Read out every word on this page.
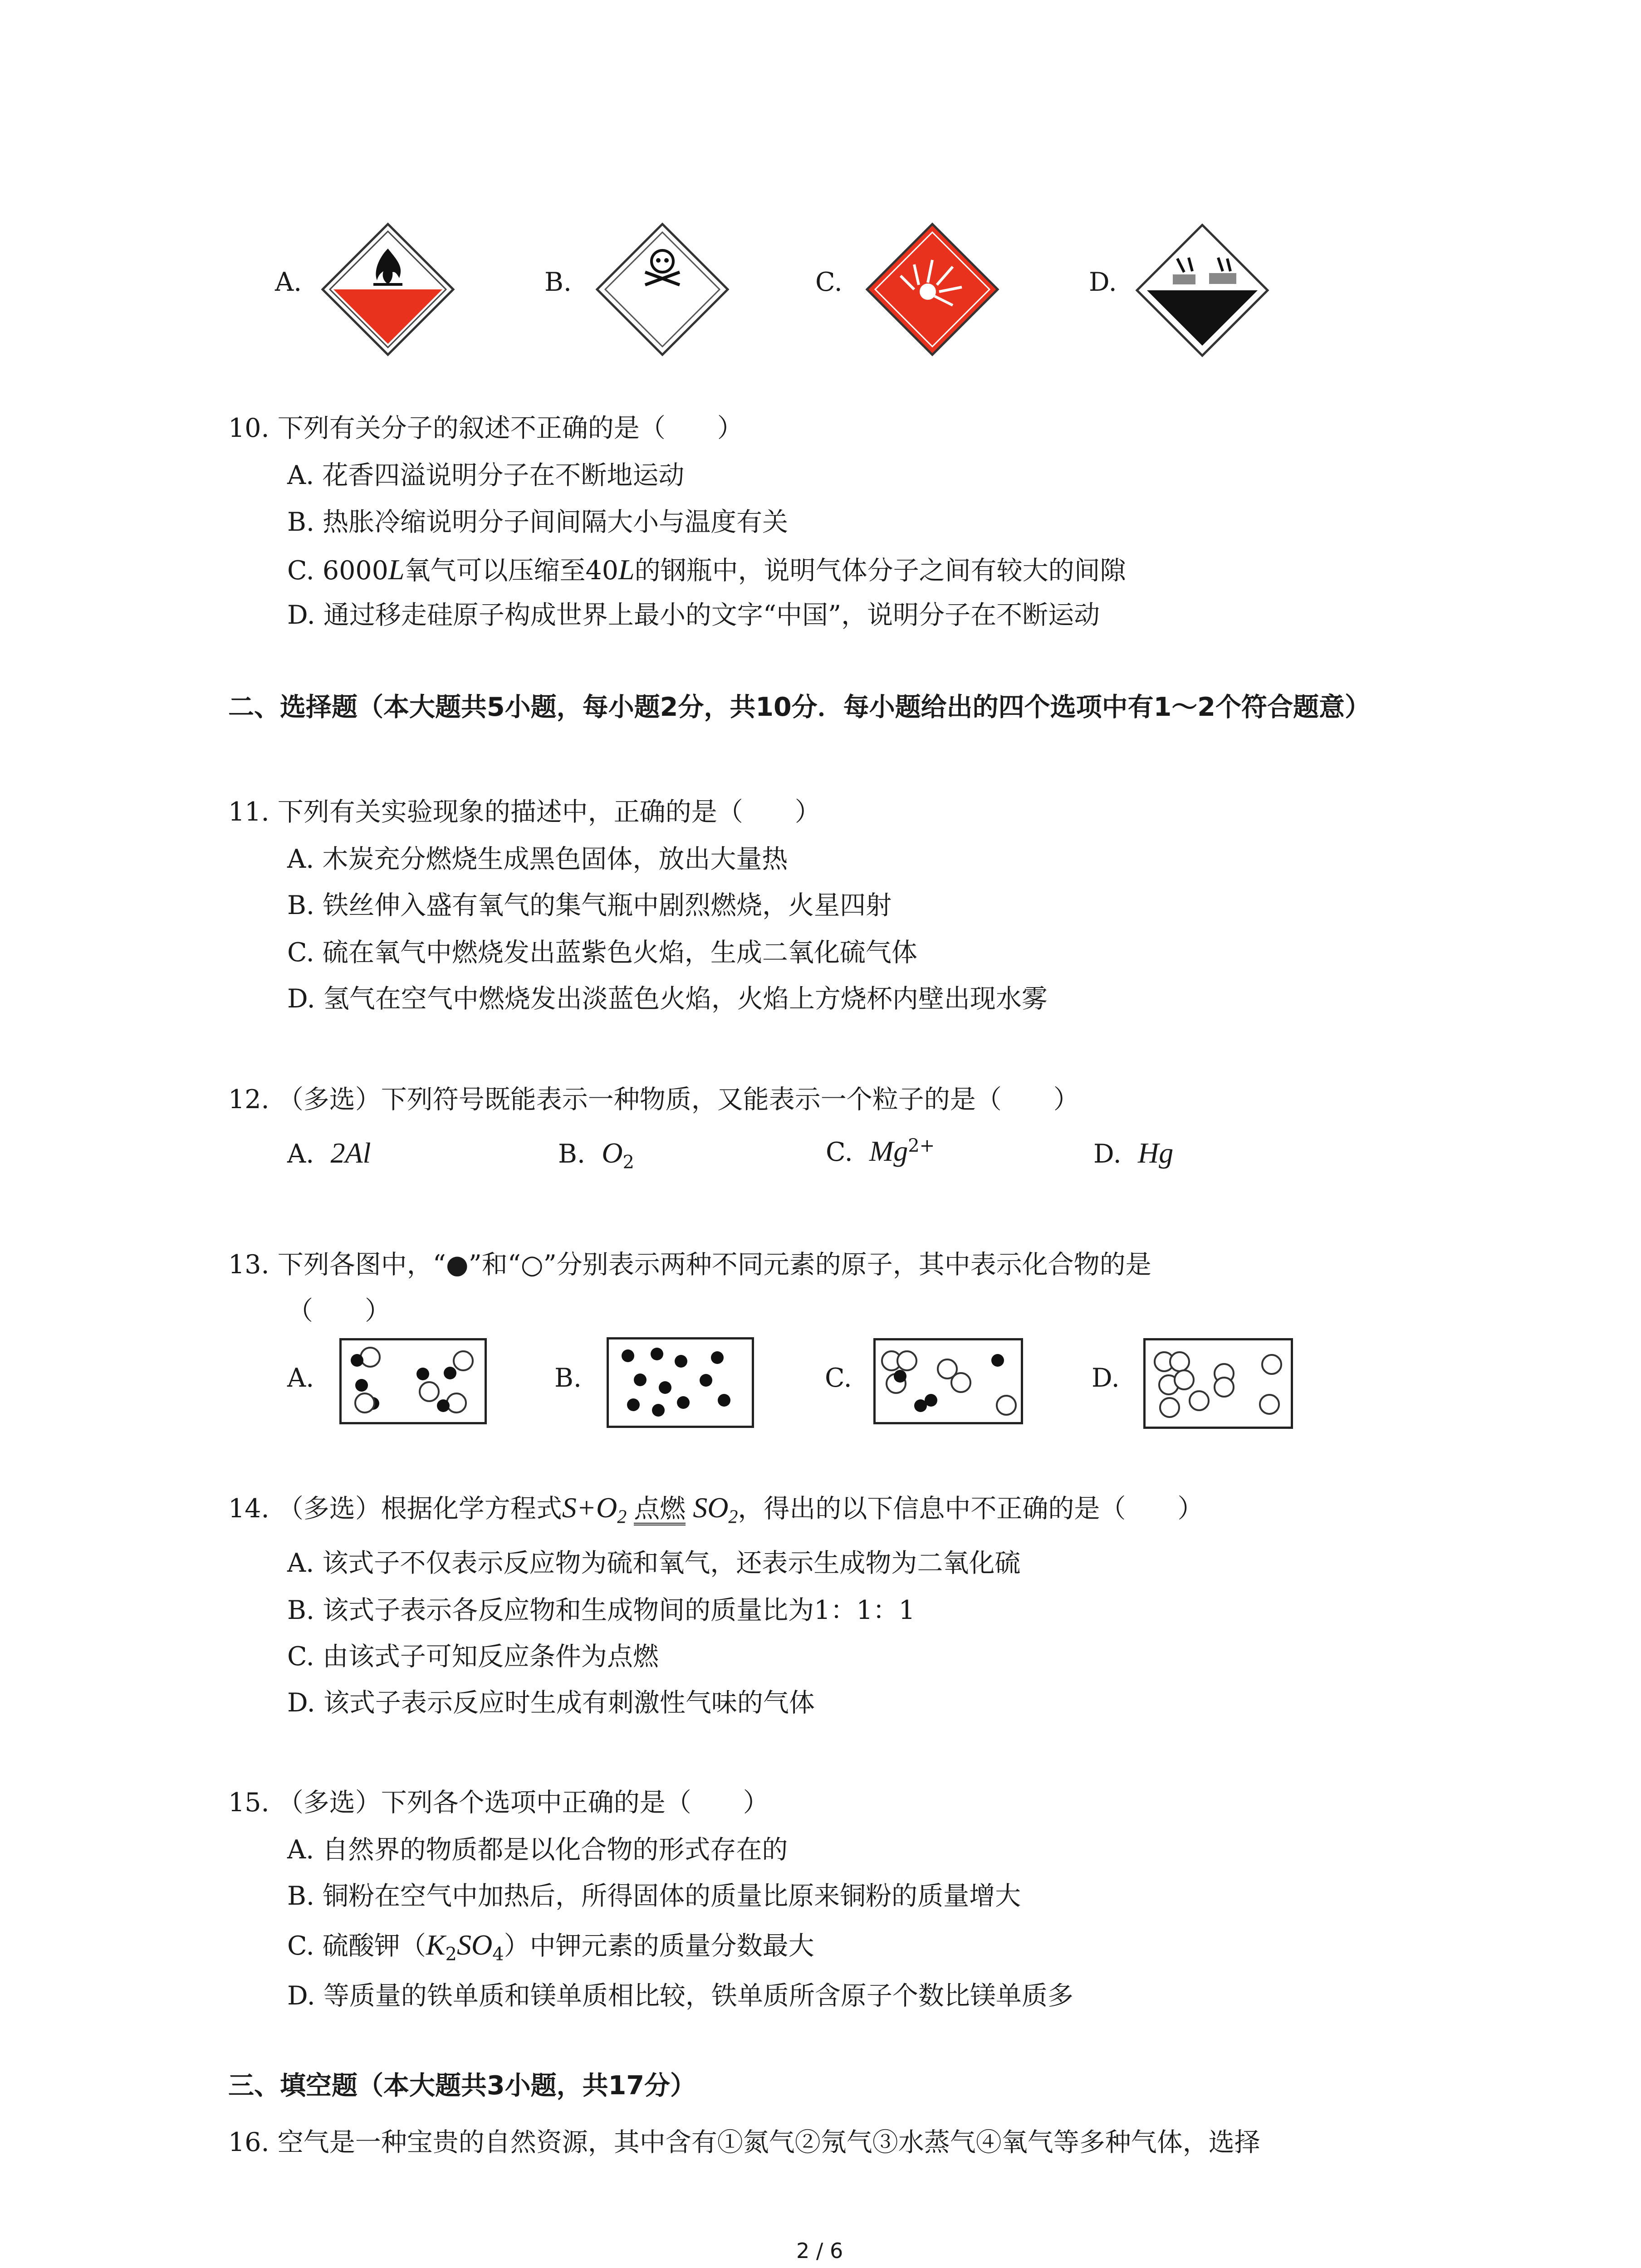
A.	B.	C.	D.
10. 下列有关分子的叙述不正确的是（　　）
A. 花香四溢说明分子在不断地运动
B. 热胀冷缩说明分子间间隔大小与温度有关
C. 6000L氧气可以压缩至40L的钢瓶中，说明气体分子之间有较大的间隙
D. 通过移走硅原子构成世界上最小的文字“中国”，说明分子在不断运动
二、选择题（本大题共5小题，每小题2分，共10分．每小题给出的四个选项中有1～2个符合题意）
11. 下列有关实验现象的描述中，正确的是（　　）
A. 木炭充分燃烧生成黑色固体，放出大量热
B. 铁丝伸入盛有氧气的集气瓶中剧烈燃烧，火星四射
C. 硫在氧气中燃烧发出蓝紫色火焰，生成二氧化硫气体
D. 氢气在空气中燃烧发出淡蓝色火焰，火焰上方烧杯内壁出现水雾
12. （多选）下列符号既能表示一种物质，又能表示一个粒子的是（　　）
A. 2Al	B. $O_2$	C. $Mg^{2+}$	D. Hg
13. 下列各图中，“●”和“○”分别表示两种不同元素的原子，其中表示化合物的是
（　　）
A.	B.	C.	D.
14. （多选）根据化学方程式$S+O_2$ 点燃 $SO_2$，得出的以下信息中不正确的是（　　）
A. 该式子不仅表示反应物为硫和氧气，还表示生成物为二氧化硫
B. 该式子表示各反应物和生成物间的质量比为1：1：1
C. 由该式子可知反应条件为点燃
D. 该式子表示反应时生成有刺激性气味的气体
15. （多选）下列各个选项中正确的是（　　）
A. 自然界的物质都是以化合物的形式存在的
B. 铜粉在空气中加热后，所得固体的质量比原来铜粉的质量增大
C. 硫酸钾$(K_2SO_4)$中钾元素的质量分数最大
D. 等质量的铁单质和镁单质相比较，铁单质所含原子个数比镁单质多
三、填空题（本大题共3小题，共17分）
16. 空气是一种宝贵的自然资源，其中含有①氮气②氖气③水蒸气④氧气等多种气体，选择
2 / 6
